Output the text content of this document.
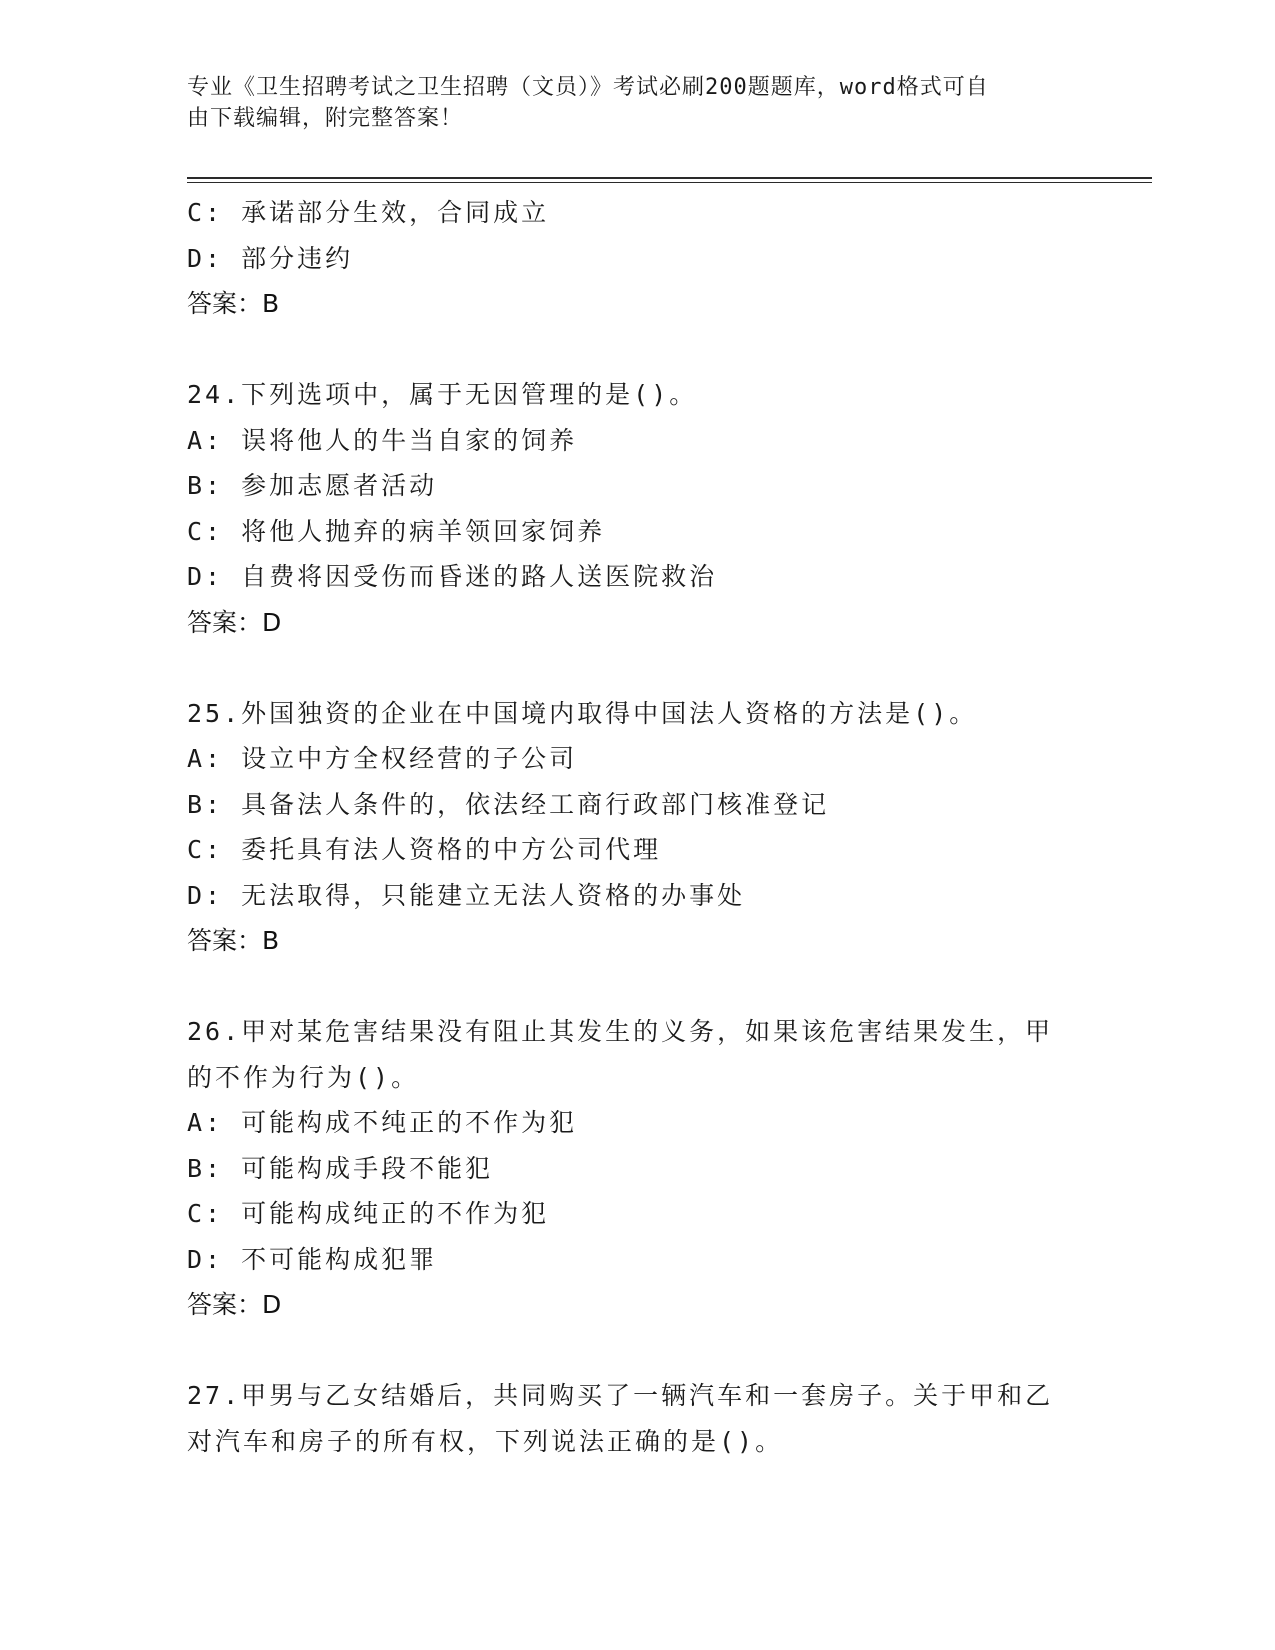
专业《卫生招聘考试之卫生招聘（文员）》考试必刷200题题库，word格式可自
由下载编辑，附完整答案！
C: 承诺部分生效，合同成立
D: 部分违约
答案：B
24.下列选项中，属于无因管理的是()。
A: 误将他人的牛当自家的饲养
B: 参加志愿者活动
C: 将他人抛弃的病羊领回家饲养
D: 自费将因受伤而昏迷的路人送医院救治
答案：D
25.外国独资的企业在中国境内取得中国法人资格的方法是()。
A: 设立中方全权经营的子公司
B: 具备法人条件的，依法经工商行政部门核准登记
C: 委托具有法人资格的中方公司代理
D: 无法取得，只能建立无法人资格的办事处
答案：B
26.甲对某危害结果没有阻止其发生的义务，如果该危害结果发生，甲
的不作为行为()。
A: 可能构成不纯正的不作为犯
B: 可能构成手段不能犯
C: 可能构成纯正的不作为犯
D: 不可能构成犯罪
答案：D
27.甲男与乙女结婚后，共同购买了一辆汽车和一套房子。关于甲和乙
对汽车和房子的所有权，下列说法正确的是()。
